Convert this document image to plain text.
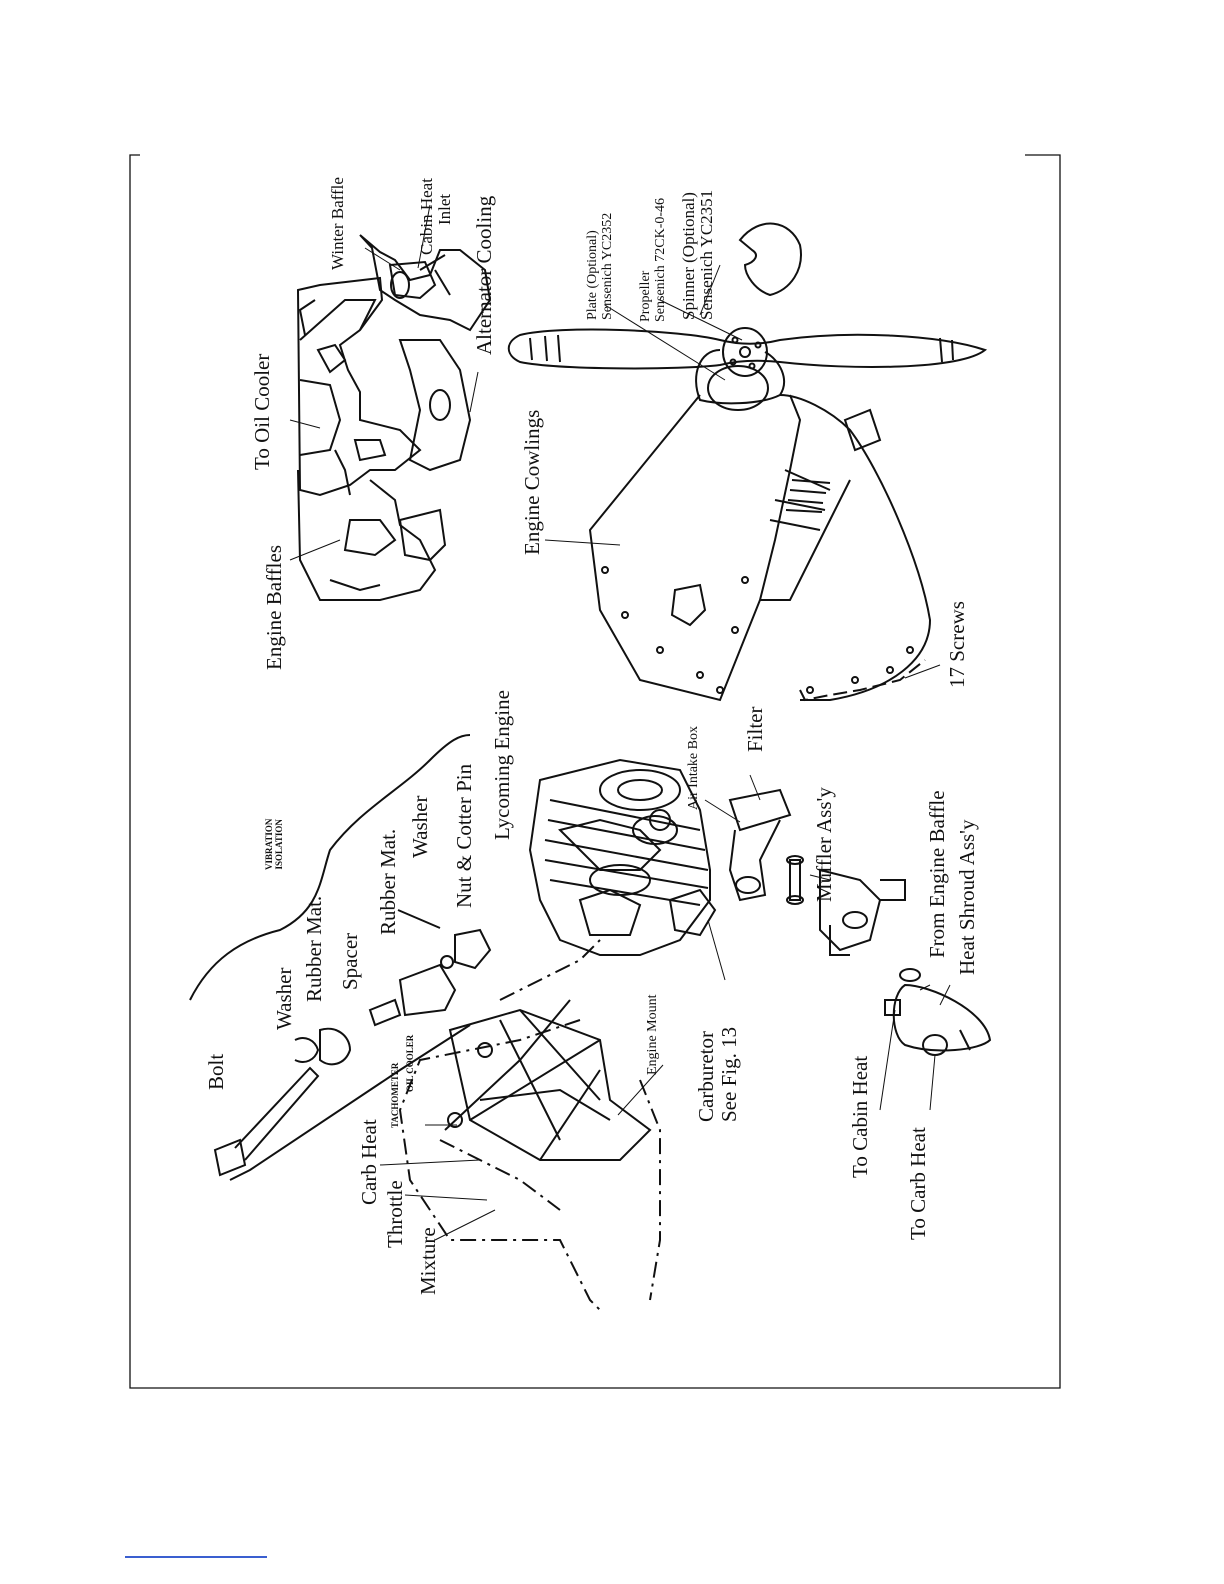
Winter Baffle	Cabin Heat Inlet Alternator Cooling
To Oil Cooler
Engine Baffles
Plate (Optional) Sensenich YC2352 Propeller Sensenich 72CK-0-46 Spinner (Optional) Sensenich YC2351
Engine Cowlings
17 Screws
VIBRATION ISOLATION
Lycoming Engine	Air Intake Box Filter
Nut & Cotter Pin
Washer
Rubber Mat.
Spacer
Rubber Mat.
Washer
Bolt	TACHOMETER OIL COOLER
Carb Heat
Throttle
Mixture
Engine Mount Carburetor
See Fig. 13
Muffler Ass'y	From Engine Baffle Heat Shroud Ass'y
To Cabin Heat
To Carb Heat
